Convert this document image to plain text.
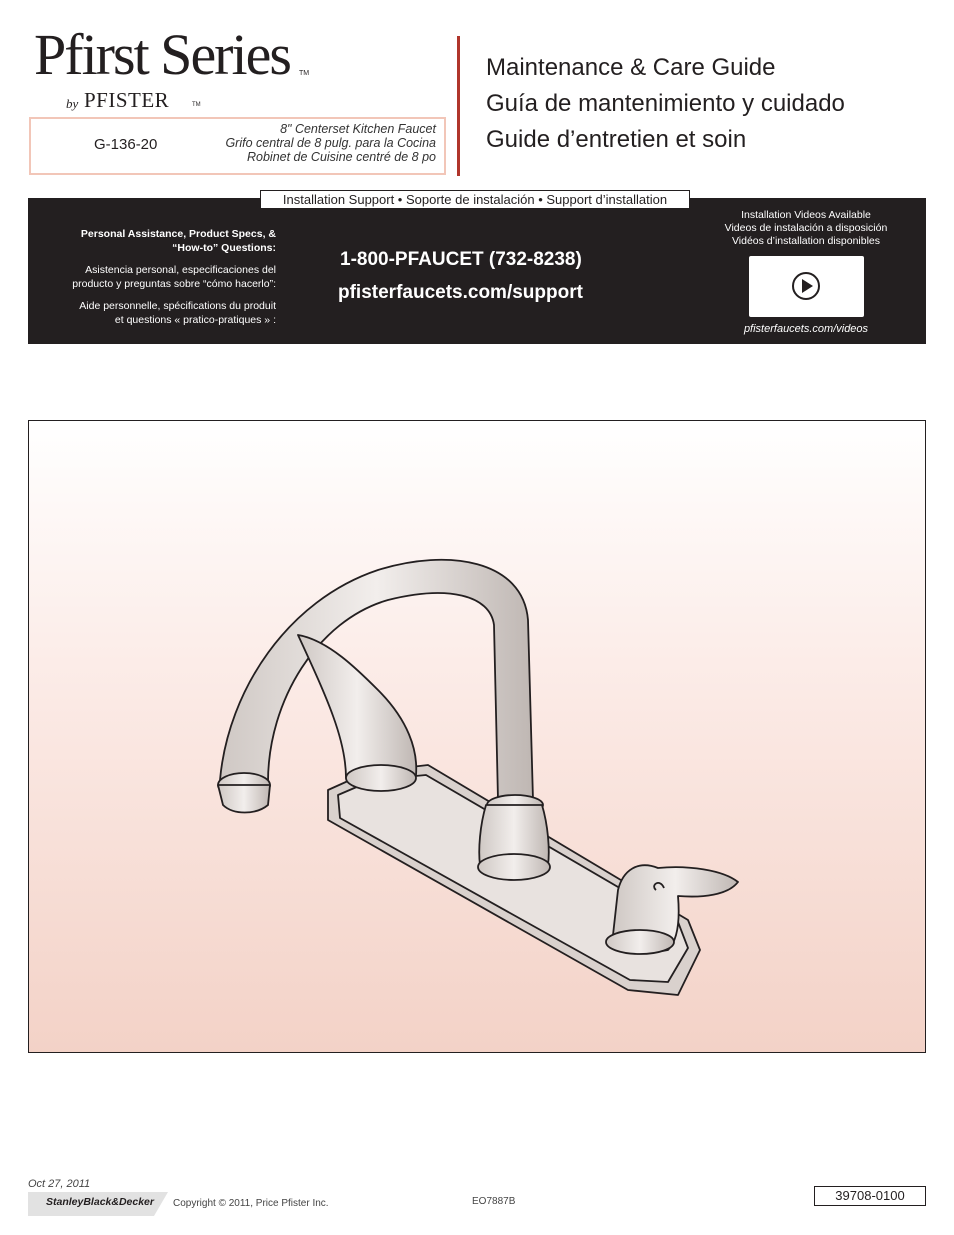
Pfirst Series TM
by PFISTER	TM
G-136-20
8" Centerset Kitchen Faucet
Grifo central de 8 pulg. para la Cocina
Robinet de Cuisine centré de 8 po
Maintenance & Care Guide
Guía de mantenimiento y cuidado
Guide d’entretien et soin
Installation Support • Soporte de instalación • Support d’installation

Personal Assistance, Product Specs, &
“How-to” Questions:

Asistencia personal, especificaciones del
producto y preguntas sobre “cómo hacerlo”:

Aide personnelle, spécifications du produit
et questions « pratico-pratiques » :

1-800-PFAUCET (732-8238)
pfisterfaucets.com/support
Installation Videos Available
Videos de instalación a disposición
Vidéos d’installation disponibles
pfisterfaucets.com/videos
Oct 27, 2011
StanleyBlack&Decker Copyright © 2011, Price Pfister Inc.	EO7887B	39708-0100
